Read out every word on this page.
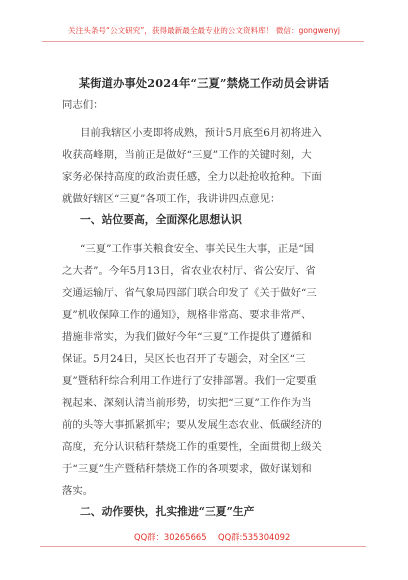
关注头条号“公文研究”，获得最新最全最专业的公文资料库！ 微信：gongwenyj
某街道办事处2024年“三夏”禁烧工作动员会讲话
同志们：
目前我辖区小麦即将成熟，预计5月底至6月初将进入
收获高峰期，当前正是做好“三夏”工作的关键时刻，大
家务必保持高度的政治责任感，全力以赴抢收抢种。下面
就做好辖区“三夏”各项工作，我讲讲四点意见：
一、站位要高，全面深化思想认识
“三夏”工作事关粮食安全、事关民生大事，正是“国
之大者”。今年5月13日，省农业农村厅、省公安厅、省
交通运输厅、省气象局四部门联合印发了《关于做好“三
夏”机收保障工作的通知》，规格非常高、要求非常严、
措施非常实，为我们做好今年“三夏”工作提供了遵循和
保证。5月24日，吴区长也召开了专题会，对全区“三
夏”暨秸秆综合利用工作进行了安排部署。我们一定要重
视起来、深刻认清当前形势，切实把“三夏”工作作为当
前的头等大事抓紧抓牢；要从发展生态农业、低碳经济的
高度，充分认识秸秆禁烧工作的重要性，全面贯彻上级关
于“三夏”生产暨秸秆禁烧工作的各项要求，做好谋划和
落实。
二、动作要快，扎实推进“三夏”生产
QQ群：30265665 QQ群:535304092
